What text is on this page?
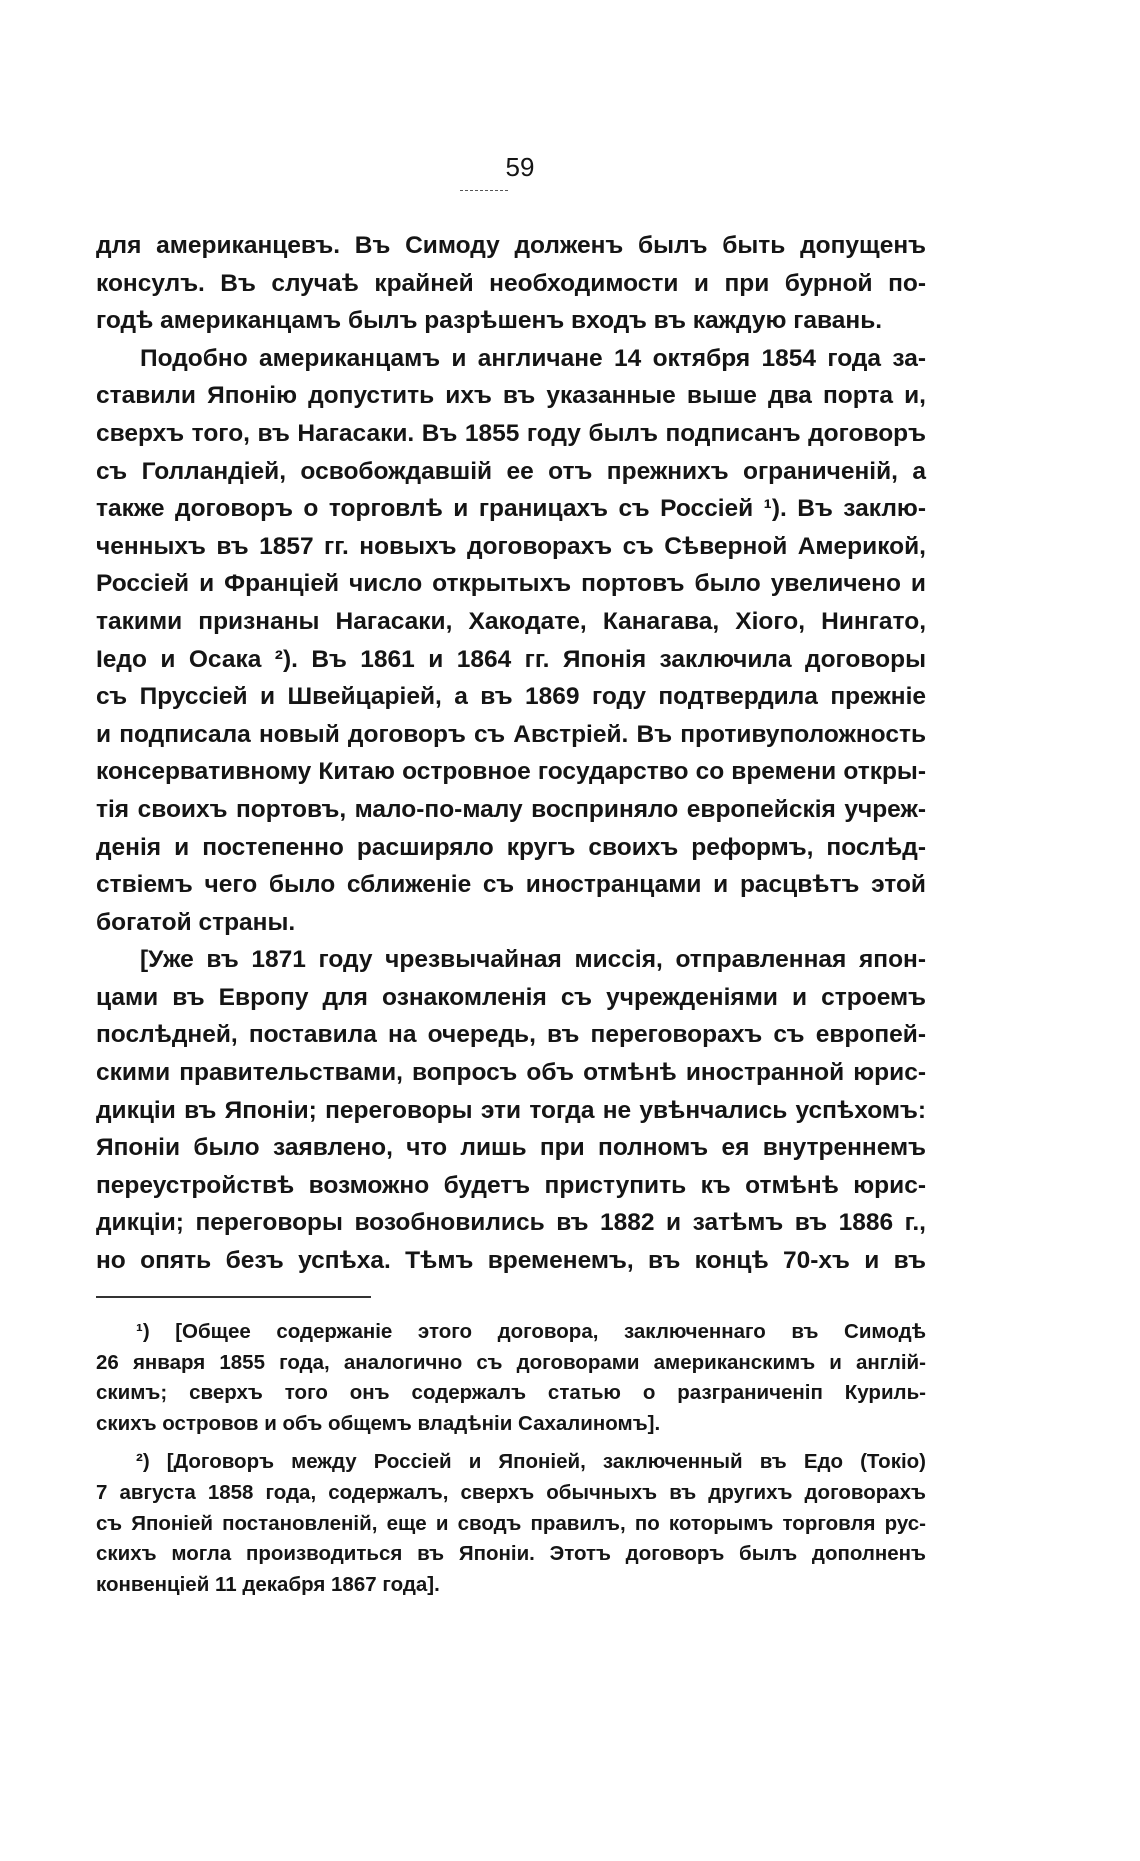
59
для американцевъ. Въ Симоду долженъ былъ быть допущенъ
консулъ. Въ случаѣ крайней необходимости и при бурной по-
годѣ американцамъ былъ разрѣшенъ входъ въ каждую гавань.
Подобно американцамъ и англичане 14 октября 1854 года за-
ставили Японію допустить ихъ въ указанные выше два порта и,
сверхъ того, въ Нагасаки. Въ 1855 году былъ подписанъ договоръ
съ Голландіей, освобождавшій ее отъ прежнихъ ограниченій, а
также договоръ о торговлѣ и границахъ съ Россіей ¹). Въ заклю-
ченныхъ въ 1857 гг. новыхъ договорахъ съ Сѣверной Америкой,
Россіей и Франціей число открытыхъ портовъ было увеличено и
такими признаны Нагасаки, Хакодате, Канагава, Хіого, Нингато,
Іедо и Осака ²). Въ 1861 и 1864 гг. Японія заключила договоры
съ Пруссіей и Швейцаріей, а въ 1869 году подтвердила прежніе
и подписала новый договоръ съ Австріей. Въ противуположность
консервативному Китаю островное государство со времени откры-
тія своихъ портовъ, мало-по-малу восприняло европейскія учреж-
денія и постепенно расширяло кругъ своихъ реформъ, послѣд-
ствіемъ чего было сближеніе съ иностранцами и расцвѣтъ этой
богатой страны.
[Уже въ 1871 году чрезвычайная миссія, отправленная япон-
цами въ Европу для ознакомленія съ учрежденіями и строемъ
послѣдней, поставила на очередь, въ переговорахъ съ европей-
скими правительствами, вопросъ объ отмѣнѣ иностранной юрис-
дикціи въ Японіи; переговоры эти тогда не увѣнчались успѣхомъ:
Японіи было заявлено, что лишь при полномъ ея внутреннемъ
переустройствѣ возможно будетъ приступить къ отмѣнѣ юрис-
дикціи; переговоры возобновились въ 1882 и затѣмъ въ 1886 г.,
но опять безъ успѣха. Тѣмъ временемъ, въ концѣ 70-хъ и въ
¹) [Общее содержаніе этого договора, заключеннаго въ Симодѣ
26 января 1855 года, аналогично съ договорами американскимъ и англій-
скимъ; сверхъ того онъ содержалъ статью о разграниченіп Куриль-
скихъ островов и объ общемъ владѣніи Сахалиномъ].
²) [Договоръ между Россіей и Японіей, заключенный въ Едо (Токіо)
7 августа 1858 года, содержалъ, сверхъ обычныхъ въ другихъ договорахъ
съ Японіей постановленій, еще и сводъ правилъ, по которымъ торговля рус-
скихъ могла производиться въ Японіи. Этотъ договоръ былъ дополненъ
конвенціей 11 декабря 1867 года].
